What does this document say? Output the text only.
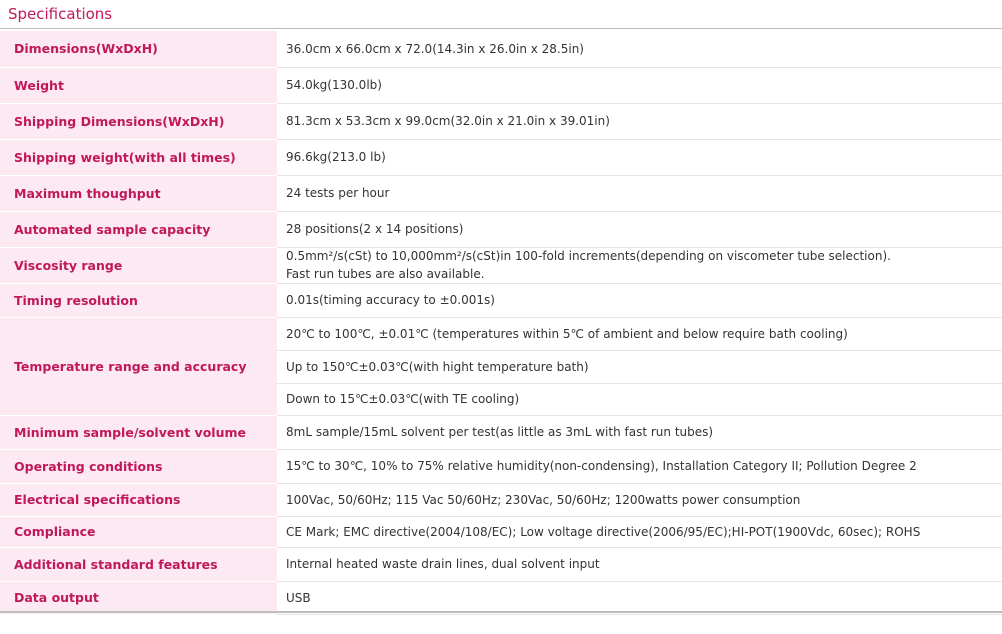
Specifications
Dimensions(WxDxH)	36.0cm x 66.0cm x 72.0(14.3in x 26.0in x 28.5in)
Weight	54.0kg(130.0lb)
Shipping Dimensions(WxDxH)	81.3cm x 53.3cm x 99.0cm(32.0in x 21.0in x 39.01in)
Shipping weight(with all times)	96.6kg(213.0 lb)
Maximum thoughput	24 tests per hour
Automated sample capacity	28 positions(2 x 14 positions)
Viscosity range	0.5mm²/s(cSt) to 10,000mm²/s(cSt)in 100-fold increments(depending on viscometer tube selection).
Fast run tubes are also available.

Timing resolution	0.01s(timing accuracy to ±0.001s)
Temperature range and accuracy	20℃ to 100℃, ±0.01℃ (temperatures within 5℃ of ambient and below require bath cooling)
	Up to 150℃±0.03℃(with hight temperature bath)
	Down to 15℃±0.03℃(with TE cooling)
Minimum sample/solvent volume	8mL sample/15mL solvent per test(as little as 3mL with fast run tubes)
Operating conditions	15℃ to 30℃, 10% to 75% relative humidity(non-condensing), Installation Category II; Pollution Degree 2
Electrical specifications	100Vac, 50/60Hz; 115 Vac 50/60Hz; 230Vac, 50/60Hz; 1200watts power consumption
Compliance	CE Mark; EMC directive(2004/108/EC); Low voltage directive(2006/95/EC);HI-POT(1900Vdc, 60sec); ROHS
Additional standard features	Internal heated waste drain lines, dual solvent input
Data output	USB
